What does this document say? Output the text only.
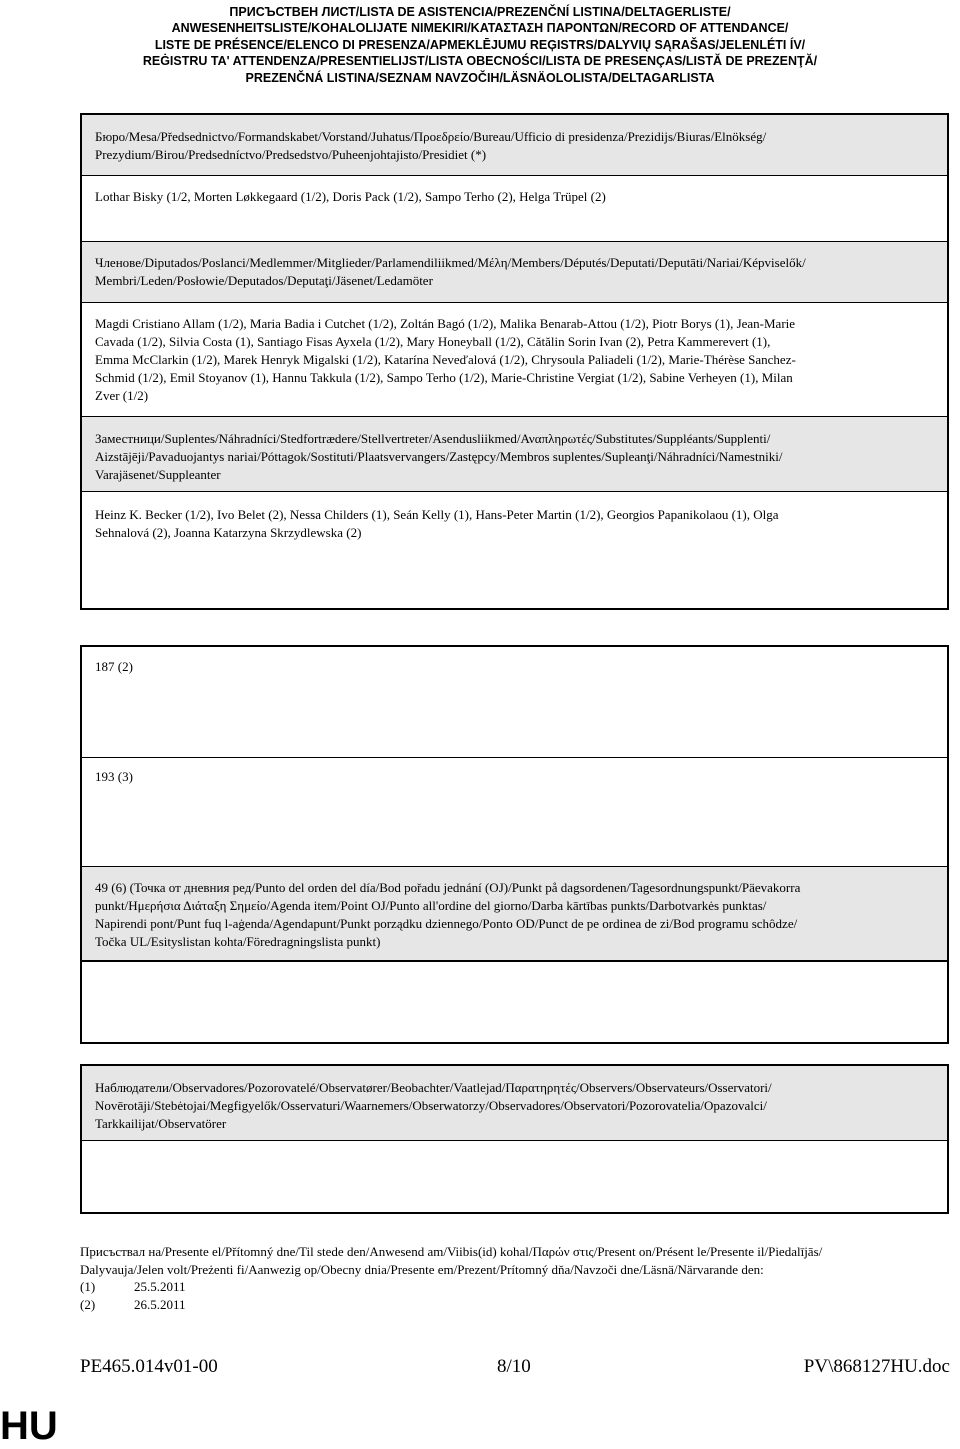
ПРИСЪСТВЕН ЛИСТ/LISTA DE ASISTENCIA/PREZENČNÍ LISTINA/DELTAGERLISTE/
ANWESENHEITSLISTE/KOHALOLIJATE NIMEKIRI/ΚΑΤΑΣΤΑΣΗ ΠΑΡΟΝΤΩΝ/RECORD OF ATTENDANCE/
LISTE DE PRÉSENCE/ELENCO DI PRESENZA/APMEKLĒJUMU REĢISTRS/DALYVIŲ SĄRAŠAS/JELENLÉTI ÍV/
REĠISTRU TA' ATTENDENZA/PRESENTIELIJST/LISTA OBECNOŚCI/LISTA DE PRESENÇAS/LISTĂ DE PREZENŢĂ/
PREZENČNÁ LISTINA/SEZNAM NAVZOČIH/LÄSNÄOLOLISTA/DELTAGARLISTA
Бюро/Mesa/Předsednictvo/Formandskabet/Vorstand/Juhatus/Προεδρείο/Bureau/Ufficio di presidenza/Prezidijs/Biuras/Elnökség/
Prezydium/Birou/Predsedníctvo/Predsedstvo/Puheenjohtajisto/Presidiet (*)
Lothar Bisky (1/2, Morten Løkkegaard (1/2), Doris Pack (1/2), Sampo Terho (2), Helga Trüpel (2)
Членове/Diputados/Poslanci/Medlemmer/Mitglieder/Parlamendiliikmed/Μέλη/Members/Députés/Deputati/Deputāti/Nariai/Képviselők/
Membri/Leden/Posłowie/Deputados/Deputaţi/Jäsenet/Ledamöter
Magdi Cristiano Allam (1/2), Maria Badia i Cutchet (1/2), Zoltán Bagó (1/2), Malika Benarab-Attou (1/2), Piotr Borys (1), Jean-Marie
Cavada (1/2), Silvia Costa (1), Santiago Fisas Ayxela (1/2), Mary Honeyball (1/2), Cătălin Sorin Ivan (2), Petra Kammerevert (1),
Emma McClarkin (1/2), Marek Henryk Migalski (1/2), Katarína Neveďalová (1/2), Chrysoula Paliadeli (1/2), Marie-Thérèse Sanchez-
Schmid (1/2), Emil Stoyanov (1), Hannu Takkula (1/2), Sampo Terho (1/2), Marie-Christine Vergiat (1/2), Sabine Verheyen (1), Milan
Zver (1/2)
Заместници/Suplentes/Náhradníci/Stedfortrædere/Stellvertreter/Asendusliikmed/Αναπληρωτές/Substitutes/Suppléants/Supplenti/
Aizstājēji/Pavaduojantys nariai/Póttagok/Sostituti/Plaatsvervangers/Zastępcy/Membros suplentes/Supleanţi/Náhradníci/Namestniki/
Varajäsenet/Suppleanter
Heinz K. Becker (1/2), Ivo Belet (2), Nessa Childers (1), Seán Kelly (1), Hans-Peter Martin (1/2), Georgios Papanikolaou (1), Olga
Sehnalová (2), Joanna Katarzyna Skrzydlewska (2)
187 (2)
193 (3)
49 (6) (Точка от дневния ред/Punto del orden del día/Bod pořadu jednání (OJ)/Punkt på dagsordenen/Tagesordnungspunkt/Päevakorra
punkt/Ημερήσια Διάταξη Σημείο/Agenda item/Point OJ/Punto all'ordine del giorno/Darba kārtības punkts/Darbotvarkės punktas/
Napirendi pont/Punt fuq l-aġenda/Agendapunt/Punkt porządku dziennego/Ponto OD/Punct de pe ordinea de zi/Bod programu schôdze/
Točka UL/Esityslistan kohta/Föredragningslista punkt)
Наблюдатели/Observadores/Pozorovatelé/Observatører/Beobachter/Vaatlejad/Παρατηρητές/Observers/Observateurs/Osservatori/
Novērotāji/Stebėtojai/Megfigyelők/Osservaturi/Waarnemers/Obserwatorzy/Observadores/Observatori/Pozorovatelia/Opazovalci/
Tarkkailijat/Observatörer
Присъствал на/Presente el/Přítomný dne/Til stede den/Anwesend am/Viibis(id) kohal/Παρών στις/Present on/Présent le/Presente il/Piedalījās/
Dalyvauja/Jelen volt/Preżenti fi/Aanwezig op/Obecny dnia/Presente em/Prezent/Prítomný dňa/Navzoči dne/Läsnä/Närvarande den:
(1)	25.5.2011
(2)	26.5.2011
PE465.014v01-00	8/10	PV\868127HU.doc
HU
